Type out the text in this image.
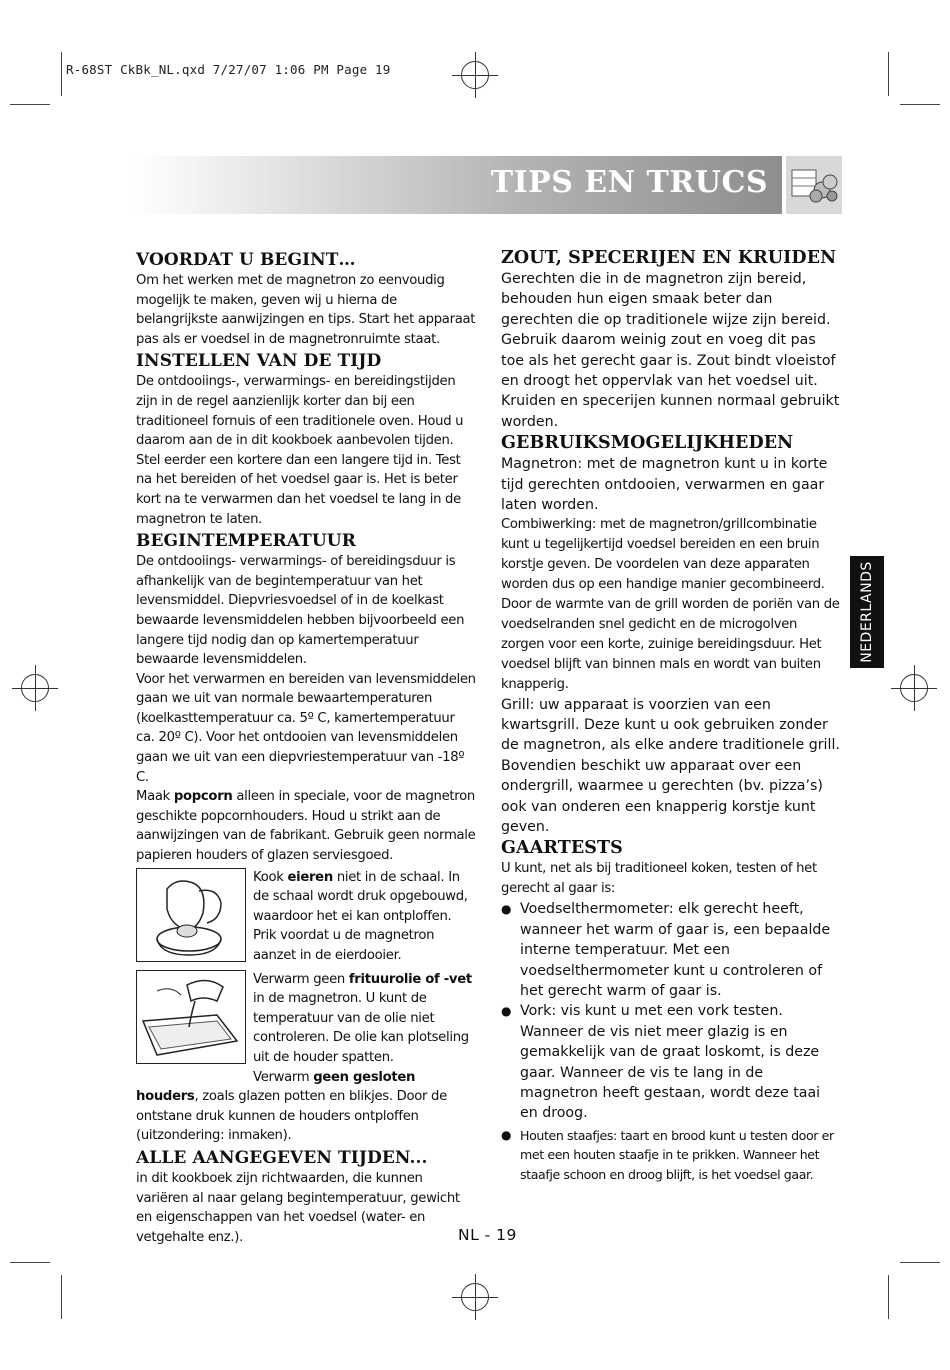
R-68ST CkBk_NL.qxd 7/27/07 1:06 PM Page 19
TIPS EN TRUCS
VOORDAT U BEGINT…

Om het werken met de magnetron zo eenvoudig mogelijk te maken, geven wij u hierna de belangrijkste aanwijzingen en tips. Start het apparaat pas als er voedsel in de magnetronruimte staat.

INSTELLEN VAN DE TIJD

De ontdooiings-, verwarmings- en bereidingstijden zijn in de regel aanzienlijk korter dan bij een traditioneel fornuis of een traditionele oven. Houd u daarom aan de in dit kookboek aanbevolen tijden. Stel eerder een kortere dan een langere tijd in. Test na het bereiden of het voedsel gaar is. Het is beter kort na te verwarmen dan het voedsel te lang in de magnetron te laten.

BEGINTEMPERATUUR

De ontdooiings- verwarmings- of bereidingsduur is afhankelijk van de begintemperatuur van het levensmiddel. Diepvriesvoedsel of in de koelkast bewaarde levensmiddelen hebben bijvoorbeeld een langere tijd nodig dan op kamertemperatuur bewaarde levensmiddelen.

Voor het verwarmen en bereiden van levensmiddelen gaan we uit van normale bewaartemperaturen (koelkasttemperatuur ca. 5º C, kamertemperatuur ca. 20º C). Voor het ontdooien van levensmiddelen gaan we uit van een diepvriestemperatuur van -18º C.

Maak popcorn alleen in speciale, voor de magnetron geschikte popcornhouders. Houd u strikt aan de aanwijzingen van de fabrikant. Gebruik geen normale papieren houders of glazen serviesgoed.

Kook eieren niet in de schaal. In de schaal wordt druk opgebouwd, waardoor het ei kan ontploffen. Prik voordat u de magnetron aanzet in de eierdooier.

Verwarm geen frituurolie of -vet in de magnetron. U kunt de temperatuur van de olie niet controleren. De olie kan plotseling uit de houder spatten.
Verwarm geen gesloten

houders, zoals glazen potten en blikjes. Door de ontstane druk kunnen de houders ontploffen (uitzondering: inmaken).

ALLE AANGEGEVEN TIJDEN...

in dit kookboek zijn richtwaarden, die kunnen variëren al naar gelang begintemperatuur, gewicht en eigenschappen van het voedsel (water- en vetgehalte enz.).

ZOUT, SPECERIJEN EN KRUIDEN

Gerechten die in de magnetron zijn bereid, behouden hun eigen smaak beter dan gerechten die op traditionele wijze zijn bereid. Gebruik daarom weinig zout en voeg dit pas toe als het gerecht gaar is. Zout bindt vloeistof en droogt het oppervlak van het voedsel uit. Kruiden en specerijen kunnen normaal gebruikt worden.

GEBRUIKSMOGELIJKHEDEN

Magnetron: met de magnetron kunt u in korte tijd gerechten ontdooien, verwarmen en gaar laten worden.

Combiwerking: met de magnetron/grillcombinatie kunt u tegelijkertijd voedsel bereiden en een bruin korstje geven. De voordelen van deze apparaten worden dus op een handige manier gecombineerd. Door de warmte van de grill worden de poriën van de voedselranden snel gedicht en de microgolven zorgen voor een korte, zuinige bereidingsduur. Het voedsel blijft van binnen mals en wordt van buiten knapperig.

Grill: uw apparaat is voorzien van een kwartsgrill. Deze kunt u ook gebruiken zonder de magnetron, als elke andere traditionele grill. Bovendien beschikt uw apparaat over een ondergrill, waarmee u gerechten (bv. pizza’s) ook van onderen een knapperig korstje kunt geven.

GAARTESTS

U kunt, net als bij traditioneel koken, testen of het gerecht al gaar is:

● Voedselthermometer: elk gerecht heeft, wanneer het warm of gaar is, een bepaalde interne temperatuur. Met een voedselthermometer kunt u controleren of het gerecht warm of gaar is.
● Vork: vis kunt u met een vork testen. Wanneer de vis niet meer glazig is en gemakkelijk van de graat loskomt, is deze gaar. Wanneer de vis te lang in de magnetron heeft gestaan, wordt deze taai en droog.
● Houten staafjes: taart en brood kunt u testen door er met een houten staafje in te prikken. Wanneer het staafje schoon en droog blijft, is het voedsel gaar.
NEDERLANDS
NL - 19
